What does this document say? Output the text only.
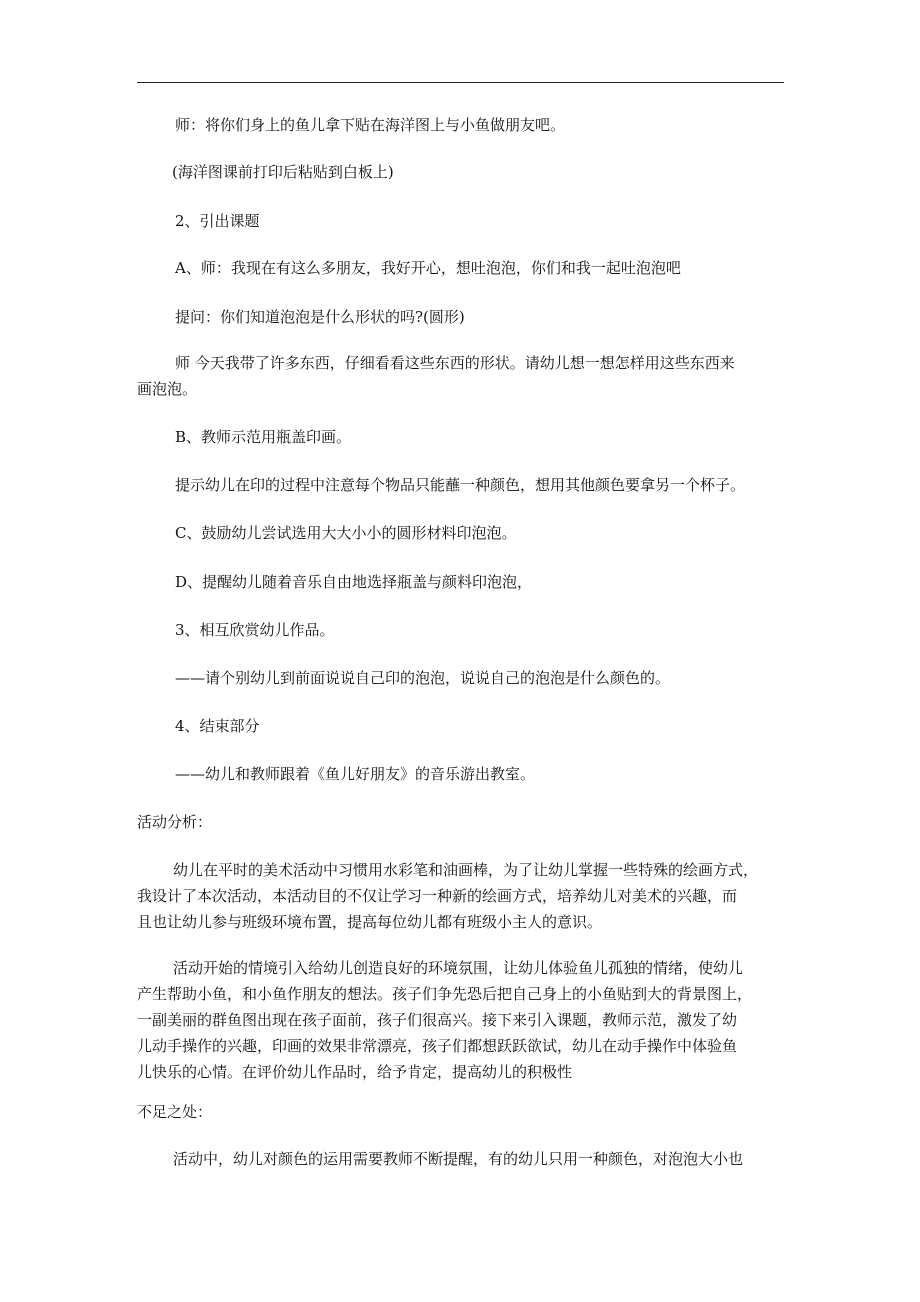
师：将你们身上的鱼儿拿下贴在海洋图上与小鱼做朋友吧。

(海洋图课前打印后粘贴到白板上)

2、引出课题

A、师：我现在有这么多朋友，我好开心，想吐泡泡，你们和我一起吐泡泡吧

提问：你们知道泡泡是什么形状的吗?(圆形)

师 今天我带了许多东西，仔细看看这些东西的形状。请幼儿想一想怎样用这些东西来
画泡泡。

B、教师示范用瓶盖印画。

提示幼儿在印的过程中注意每个物品只能蘸一种颜色，想用其他颜色要拿另一个杯子。

C、鼓励幼儿尝试选用大大小小的圆形材料印泡泡。

D、提醒幼儿随着音乐自由地选择瓶盖与颜料印泡泡，

3、相互欣赏幼儿作品。

——请个别幼儿到前面说说自己印的泡泡，说说自己的泡泡是什么颜色的。

4、结束部分

——幼儿和教师跟着《鱼儿好朋友》的音乐游出教室。

活动分析：

幼儿在平时的美术活动中习惯用水彩笔和油画棒，为了让幼儿掌握一些特殊的绘画方式，
我设计了本次活动，本活动目的不仅让学习一种新的绘画方式，培养幼儿对美术的兴趣，而
且也让幼儿参与班级环境布置，提高每位幼儿都有班级小主人的意识。
活动开始的情境引入给幼儿创造良好的环境氛围，让幼儿体验鱼儿孤独的情绪，使幼儿
产生帮助小鱼，和小鱼作朋友的想法。孩子们争先恐后把自己身上的小鱼贴到大的背景图上，
一副美丽的群鱼图出现在孩子面前，孩子们很高兴。接下来引入课题，教师示范，激发了幼
儿动手操作的兴趣，印画的效果非常漂亮，孩子们都想跃跃欲试，幼儿在动手操作中体验鱼
儿快乐的心情。在评价幼儿作品时，给予肯定，提高幼儿的积极性

不足之处：

活动中，幼儿对颜色的运用需要教师不断提醒，有的幼儿只用一种颜色，对泡泡大小也
